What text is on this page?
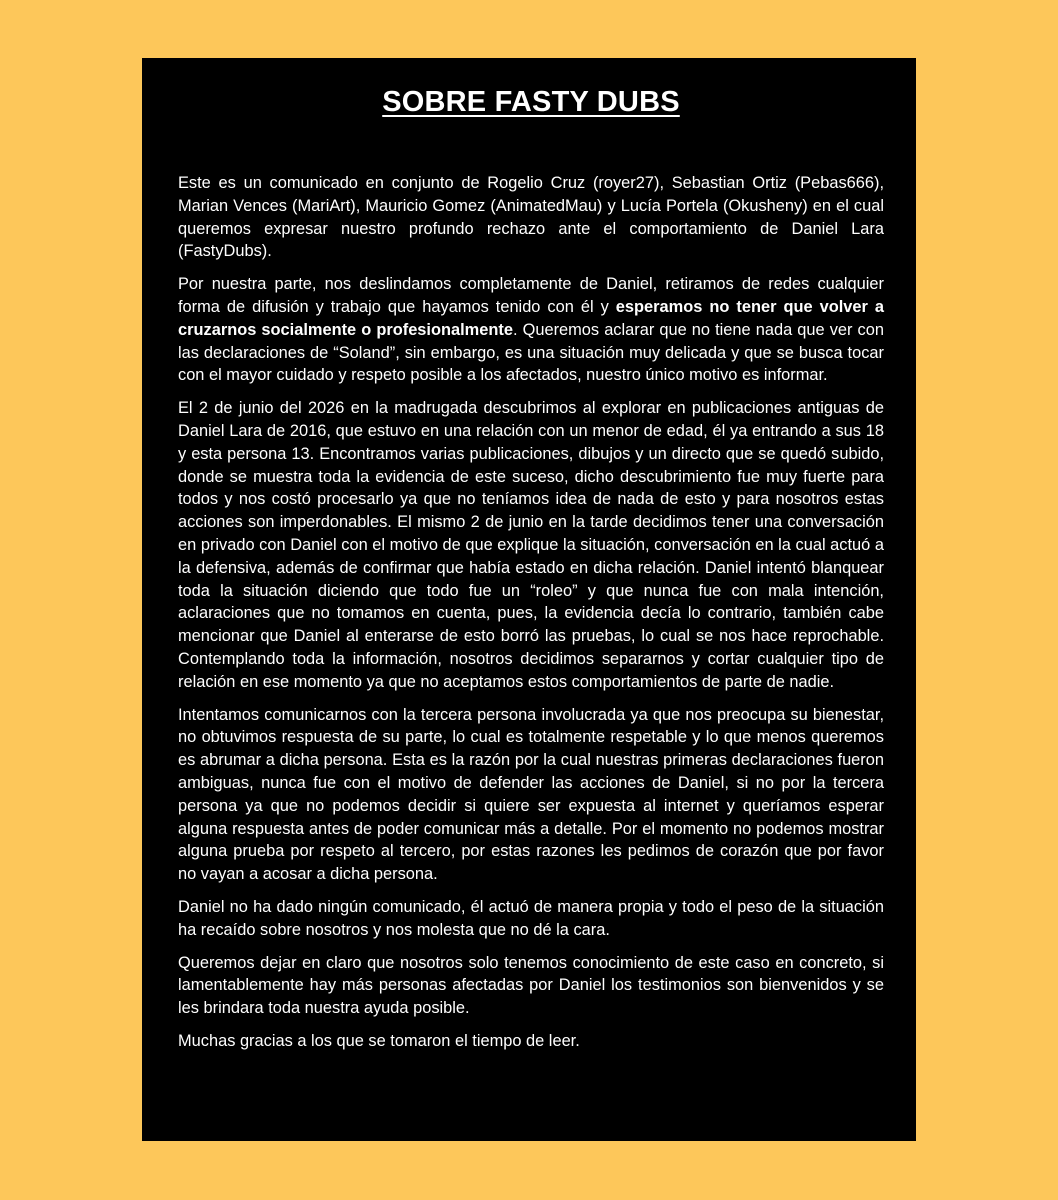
SOBRE FASTY DUBS

Este es un comunicado en conjunto de Rogelio Cruz (royer27), Sebastian Ortiz (Pebas666), Marian Vences (MariArt), Mauricio Gomez (AnimatedMau) y Lucía Portela (Okusheny) en el cual queremos expresar nuestro profundo rechazo ante el comportamiento de Daniel Lara (FastyDubs).

Por nuestra parte, nos deslindamos completamente de Daniel, retiramos de redes cualquier forma de difusión y trabajo que hayamos tenido con él y esperamos no tener que volver a cruzarnos socialmente o profesionalmente. Queremos aclarar que no tiene nada que ver con las declaraciones de “Soland”, sin embargo, es una situación muy delicada y que se busca tocar con el mayor cuidado y respeto posible a los afectados, nuestro único motivo es informar.

El 2 de junio del 2026 en la madrugada descubrimos al explorar en publicaciones antiguas de Daniel Lara de 2016, que estuvo en una relación con un menor de edad, él ya entrando a sus 18 y esta persona 13. Encontramos varias publicaciones, dibujos y un directo que se quedó subido, donde se muestra toda la evidencia de este suceso, dicho descubrimiento fue muy fuerte para todos y nos costó procesarlo ya que no teníamos idea de nada de esto y para nosotros estas acciones son imperdonables. El mismo 2 de junio en la tarde decidimos tener una conversación en privado con Daniel con el motivo de que explique la situación, conversación en la cual actuó a la defensiva, además de confirmar que había estado en dicha relación. Daniel intentó blanquear toda la situación diciendo que todo fue un “roleo” y que nunca fue con mala intención, aclaraciones que no tomamos en cuenta, pues, la evidencia decía lo contrario, también cabe mencionar que Daniel al enterarse de esto borró las pruebas, lo cual se nos hace reprochable. Contemplando toda la información, nosotros decidimos separarnos y cortar cualquier tipo de relación en ese momento ya que no aceptamos estos comportamientos de parte de nadie.

Intentamos comunicarnos con la tercera persona involucrada ya que nos preocupa su bienestar, no obtuvimos respuesta de su parte, lo cual es totalmente respetable y lo que menos queremos es abrumar a dicha persona. Esta es la razón por la cual nuestras primeras declaraciones fueron ambiguas, nunca fue con el motivo de defender las acciones de Daniel, si no por la tercera persona ya que no podemos decidir si quiere ser expuesta al internet y queríamos esperar alguna respuesta antes de poder comunicar más a detalle. Por el momento no podemos mostrar alguna prueba por respeto al tercero, por estas razones les pedimos de corazón que por favor no vayan a acosar a dicha persona.

Daniel no ha dado ningún comunicado, él actuó de manera propia y todo el peso de la situación ha recaído sobre nosotros y nos molesta que no dé la cara.

Queremos dejar en claro que nosotros solo tenemos conocimiento de este caso en concreto, si lamentablemente hay más personas afectadas por Daniel los testimonios son bienvenidos y se les brindara toda nuestra ayuda posible.

Muchas gracias a los que se tomaron el tiempo de leer.
